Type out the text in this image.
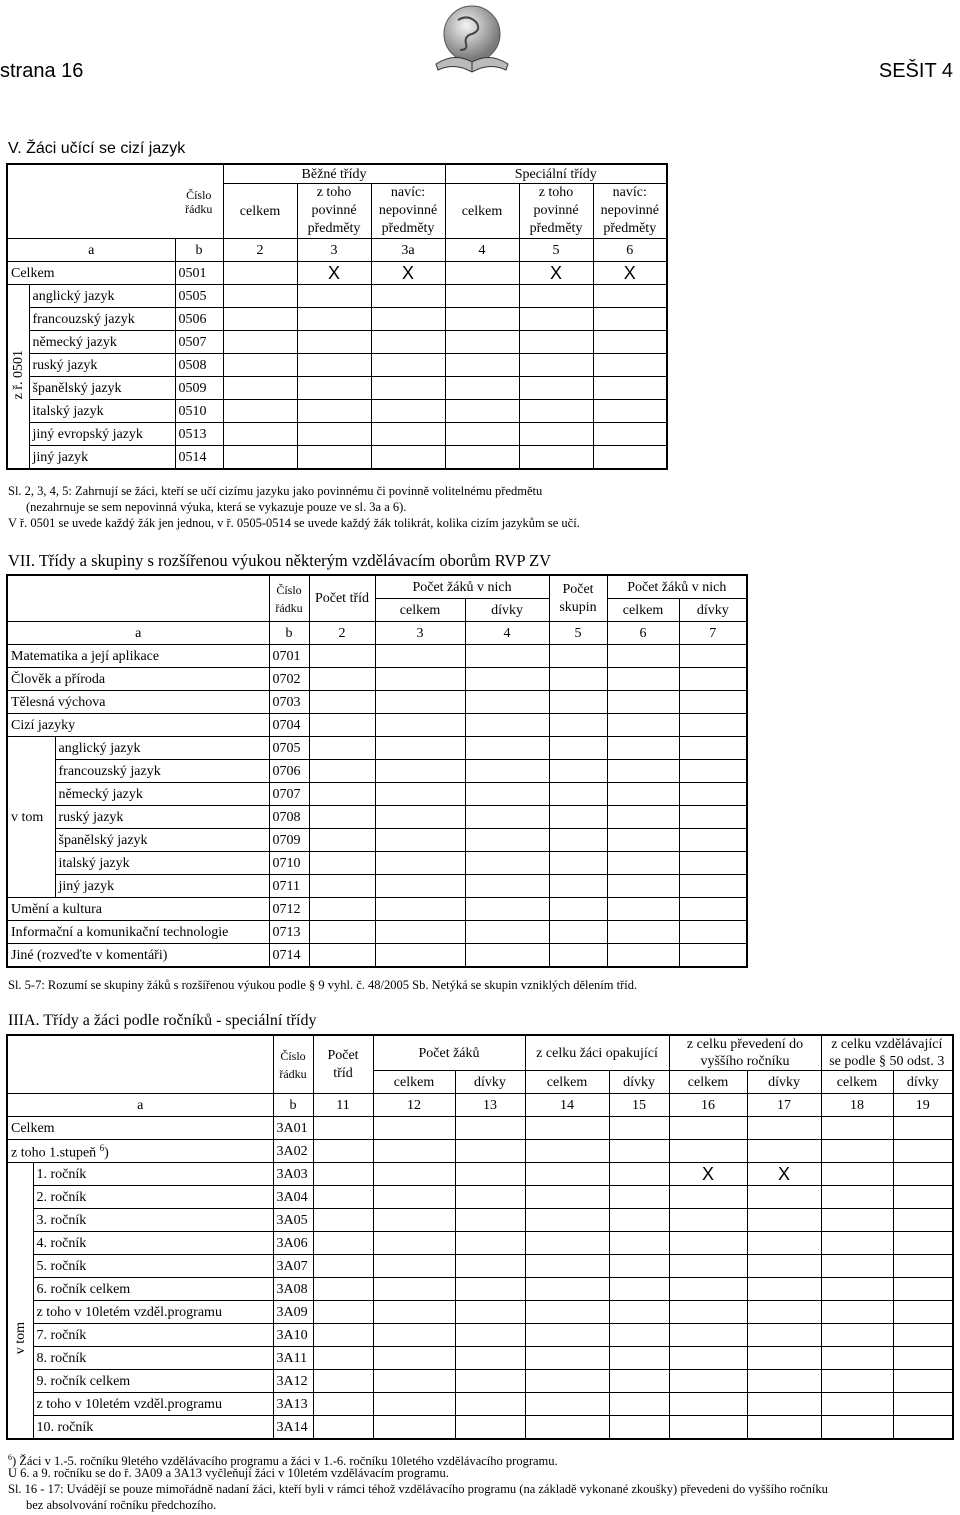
strana 16	SEŠIT 4
V. Žáci učící se cizí jazyk
		Číslo řádku	Běžné třídy			Speciální třídy		
			celkem	z toho povinné předměty	navíc: nepovinné předměty	celkem	z toho povinné předměty	navíc: nepovinné předměty
a		b	2	3	3a	4	5	6
Celkem		0501		X	X		X	X
z ř. 0501	anglický jazyk	0505						
	francouzský jazyk	0506						
	německý jazyk	0507						
	ruský jazyk	0508						
	španělský jazyk	0509						
	italský jazyk	0510						
	jiný evropský jazyk	0513						
	jiný jazyk	0514						
Sl. 2, 3, 4, 5: Zahrnují se žáci, kteří se učí cizímu jazyku jako povinnému či povinně volitelnému předmětu
(nezahrnuje se sem nepovinná výuka, která se vykazuje pouze ve sl. 3a a 6).
V ř. 0501 se uvede každý žák jen jednou, v ř. 0505-0514 se uvede každý žák tolikrát, kolika cizím jazykům se učí.
VII. Třídy a skupiny s rozšířenou výukou některým vzdělávacím oborům RVP ZV
		Číslo řádku	Počet tříd	Počet žáků v nich		Počet skupin	Počet žáků v nich	
				celkem	dívky		celkem	dívky
a		b	2	3	4	5	6	7
Matematika a její aplikace		0701						
Člověk a příroda		0702						
Tělesná výchova		0703						
Cizí jazyky		0704						
v tom	anglický jazyk	0705						
	francouzský jazyk	0706						
	německý jazyk	0707						
	ruský jazyk	0708						
	španělský jazyk	0709						
	italský jazyk	0710						
	jiný jazyk	0711						
Umění a kultura		0712						
Informační a komunikační technologie		0713						
Jiné (rozveďte v komentáři)		0714						
Sl. 5-7: Rozumí se skupiny žáků s rozšířenou výukou podle § 9 vyhl. č. 48/2005 Sb. Netýká se skupin vzniklých dělením tříd.
IIIA. Třídy a žáci podle ročníků - speciální třídy
		Číslo řádku	Počet tříd	Počet žáků		z celku žáci opakující		z celku převedení do vyššího ročníku		z celku vzdělávající se podle § 50 odst. 3	
				celkem	dívky	celkem	dívky	celkem	dívky	celkem	dívky
a		b	11	12	13	14	15	16	17	18	19
Celkem		3A01									
z toho 1.stupeň $^6$)		3A02									
v tom	1. ročník	3A03						X	X		
	2. ročník	3A04									
	3. ročník	3A05									
	4. ročník	3A06									
	5. ročník	3A07									
	6. ročník celkem	3A08									
	z toho v 10letém vzděl.programu	3A09									
	7. ročník	3A10									
	8. ročník	3A11									
	9. ročník celkem	3A12									
	z toho v 10letém vzděl.programu	3A13									
	10. ročník	3A14									
$^6$) Žáci v 1.-5. ročníku 9letého vzdělávacího programu a žáci v 1.-6. ročníku 10letého vzdělávacího programu.
U 6. a 9. ročníku se do ř. 3A09 a 3A13 vyčleňují žáci v 10letém vzdělávacím programu.
Sl. 16 - 17: Uvádějí se pouze mimořádně nadaní žáci, kteří byli v rámci téhož vzdělávacího programu (na základě vykonané zkoušky) převedeni do vyššího ročníku
bez absolvování ročníku předchozího.
